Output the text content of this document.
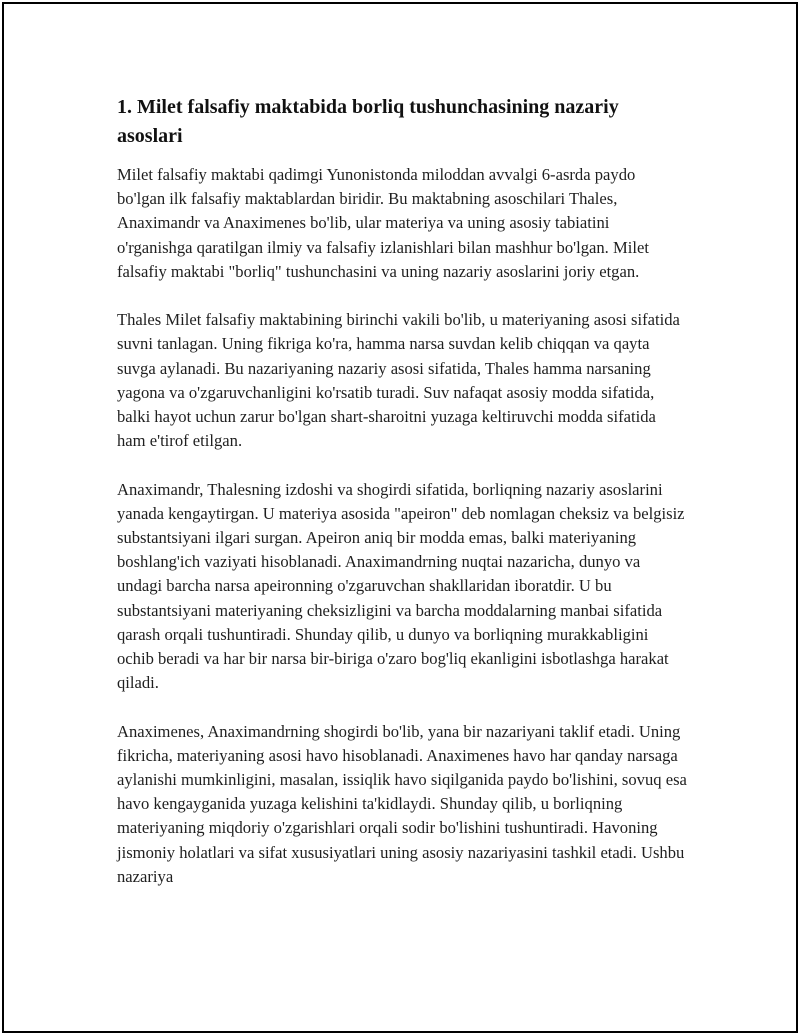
1. Milet falsafiy maktabida borliq tushunchasining nazariy asoslari

Milet falsafiy maktabi qadimgi Yunonistonda miloddan avvalgi 6-asrda paydo bo'lgan ilk falsafiy maktablardan biridir. Bu maktabning asoschilari Thales, Anaximandr va Anaximenes bo'lib, ular materiya va uning asosiy tabiatini o'rganishga qaratilgan ilmiy va falsafiy izlanishlari bilan mashhur bo'lgan. Milet falsafiy maktabi "borliq" tushunchasini va uning nazariy asoslarini joriy etgan.

Thales Milet falsafiy maktabining birinchi vakili bo'lib, u materiyaning asosi sifatida suvni tanlagan. Uning fikriga ko'ra, hamma narsa suvdan kelib chiqqan va qayta suvga aylanadi. Bu nazariyaning nazariy asosi sifatida, Thales hamma narsaning yagona va o'zgaruvchanligini ko'rsatib turadi. Suv nafaqat asosiy modda sifatida, balki hayot uchun zarur bo'lgan shart-sharoitni yuzaga keltiruvchi modda sifatida ham e'tirof etilgan.

Anaximandr, Thalesning izdoshi va shogirdi sifatida, borliqning nazariy asoslarini yanada kengaytirgan. U materiya asosida "apeiron" deb nomlagan cheksiz va belgisiz substantsiyani ilgari surgan. Apeiron aniq bir modda emas, balki materiyaning boshlang'ich vaziyati hisoblanadi. Anaximandrning nuqtai nazaricha, dunyo va undagi barcha narsa apeironning o'zgaruvchan shakllaridan iboratdir. U bu substantsiyani materiyaning cheksizligini va barcha moddalarning manbai sifatida qarash orqali tushuntiradi. Shunday qilib, u dunyo va borliqning murakkabligini ochib beradi va har bir narsa bir-biriga o'zaro bog'liq ekanligini isbotlashga harakat qiladi.

Anaximenes, Anaximandrning shogirdi bo'lib, yana bir nazariyani taklif etadi. Uning fikricha, materiyaning asosi havo hisoblanadi. Anaximenes havo har qanday narsaga aylanishi mumkinligini, masalan, issiqlik havo siqilganida paydo bo'lishini, sovuq esa havo kengayganida yuzaga kelishini ta'kidlaydi. Shunday qilib, u borliqning materiyaning miqdoriy o'zgarishlari orqali sodir bo'lishini tushuntiradi. Havoning jismoniy holatlari va sifat xususiyatlari uning asosiy nazariyasini tashkil etadi. Ushbu nazariya
